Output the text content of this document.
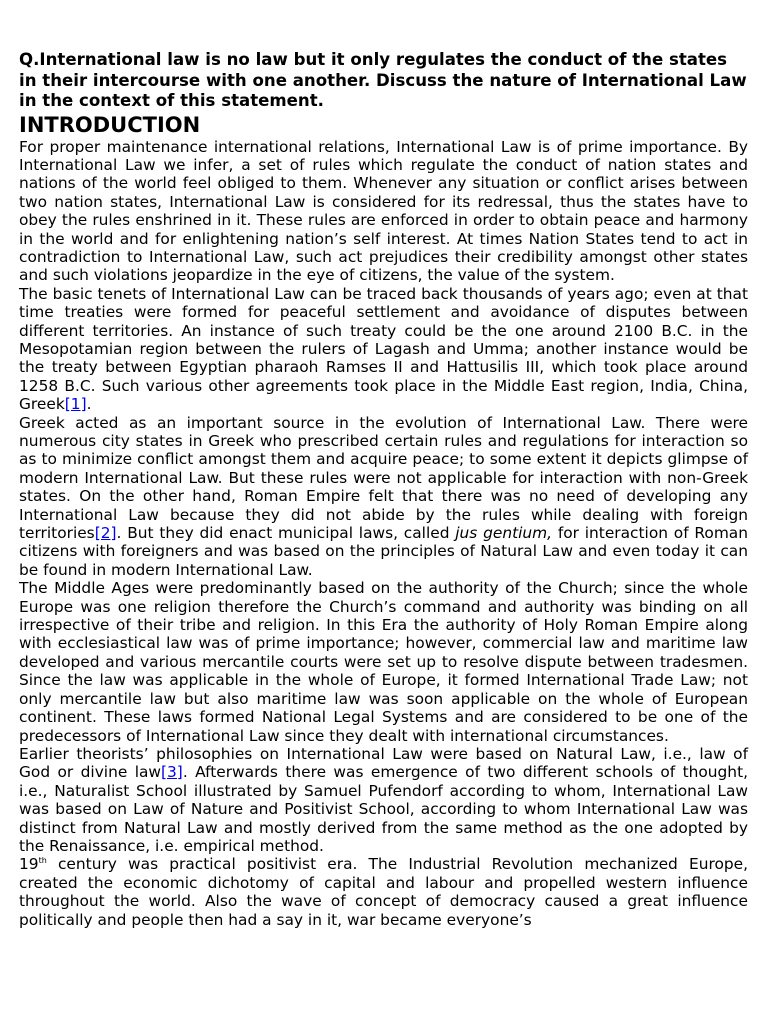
Q.International law is no law but it only regulates the conduct of the states in their intercourse with one another. Discuss the nature of International Law in the context of this statement.

INTRODUCTION

For proper maintenance international relations, International Law is of prime importance. By International Law we infer, a set of rules which regulate the conduct of nation states and nations of the world feel obliged to them. Whenever any situation or conflict arises between two nation states, International Law is considered for its redressal, thus the states have to obey the rules enshrined in it. These rules are enforced in order to obtain peace and harmony in the world and for enlightening nation’s self interest. At times Nation States tend to act in contradiction to International Law, such act prejudices their credibility amongst other states and such violations jeopardize in the eye of citizens, the value of the system.

The basic tenets of International Law can be traced back thousands of years ago; even at that time treaties were formed for peaceful settlement and avoidance of disputes between different territories. An instance of such treaty could be the one around 2100 B.C. in the Mesopotamian region between the rulers of Lagash and Umma; another instance would be the treaty between Egyptian pharaoh Ramses II and Hattusilis III, which took place around 1258 B.C. Such various other agreements took place in the Middle East region, India, China, Greek[1].

Greek acted as an important source in the evolution of International Law. There were numerous city states in Greek who prescribed certain rules and regulations for interaction so as to minimize conflict amongst them and acquire peace; to some extent it depicts glimpse of modern International Law. But these rules were not applicable for interaction with non-Greek states. On the other hand, Roman Empire felt that there was no need of developing any International Law because they did not abide by the rules while dealing with foreign territories[2]. But they did enact municipal laws, called jus gentium, for interaction of Roman citizens with foreigners and was based on the principles of Natural Law and even today it can be found in modern International Law.

The Middle Ages were predominantly based on the authority of the Church; since the whole Europe was one religion therefore the Church’s command and authority was binding on all irrespective of their tribe and religion. In this Era the authority of Holy Roman Empire along with ecclesiastical law was of prime importance; however, commercial law and maritime law developed and various mercantile courts were set up to resolve dispute between tradesmen. Since the law was applicable in the whole of Europe, it formed International Trade Law; not only mercantile law but also maritime law was soon applicable on the whole of European continent. These laws formed National Legal Systems and are considered to be one of the predecessors of International Law since they dealt with international circumstances.

Earlier theorists’ philosophies on International Law were based on Natural Law, i.e., law of God or divine law[3]. Afterwards there was emergence of two different schools of thought, i.e., Naturalist School illustrated by Samuel Pufendorf according to whom, International Law was based on Law of Nature and Positivist School, according to whom International Law was distinct from Natural Law and mostly derived from the same method as the one adopted by the Renaissance, i.e. empirical method.

19th century was practical positivist era. The Industrial Revolution mechanized Europe, created the economic dichotomy of capital and labour and propelled western influence throughout the world. Also the wave of concept of democracy caused a great influence politically and people then had a say in it, war became everyone’s
